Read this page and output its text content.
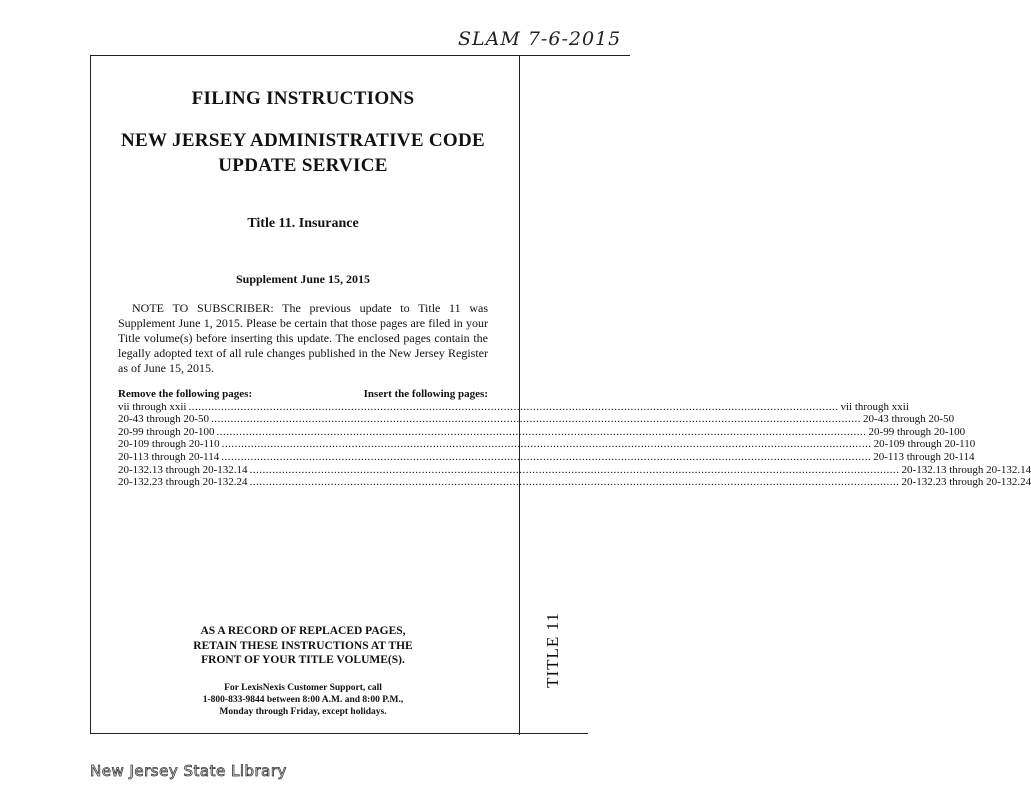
SLAM 7-6-2015
TITLE 11
FILING INSTRUCTIONS
NEW JERSEY ADMINISTRATIVE CODE
UPDATE SERVICE
Title 11. Insurance
Supplement June 15, 2015
NOTE TO SUBSCRIBER: The previous update to Title 11 was Supplement June 1, 2015. Please be certain that those pages are filed in your Title volume(s) before inserting this update. The enclosed pages contain the legally adopted text of all rule changes published in the New Jersey Register as of June 15, 2015.
Remove the following pages:	Insert the following pages:
vii through xxii ........................................................................................................................................................................................................ vii through xxii
20-43 through 20-50 ........................................................................................................................................................................................................ 20-43 through 20-50
20-99 through 20-100 ........................................................................................................................................................................................................ 20-99 through 20-100
20-109 through 20-110 ........................................................................................................................................................................................................ 20-109 through 20-110
20-113 through 20-114 ........................................................................................................................................................................................................ 20-113 through 20-114
20-132.13 through 20-132.14 ........................................................................................................................................................................................................ 20-132.13 through 20-132.14
20-132.23 through 20-132.24 ........................................................................................................................................................................................................ 20-132.23 through 20-132.24
AS A RECORD OF REPLACED PAGES,
RETAIN THESE INSTRUCTIONS AT THE
FRONT OF YOUR TITLE VOLUME(S).
For LexisNexis Customer Support, call
1-800-833-9844 between 8:00 A.M. and 8:00 P.M.,
Monday through Friday, except holidays.
New Jersey State Library
